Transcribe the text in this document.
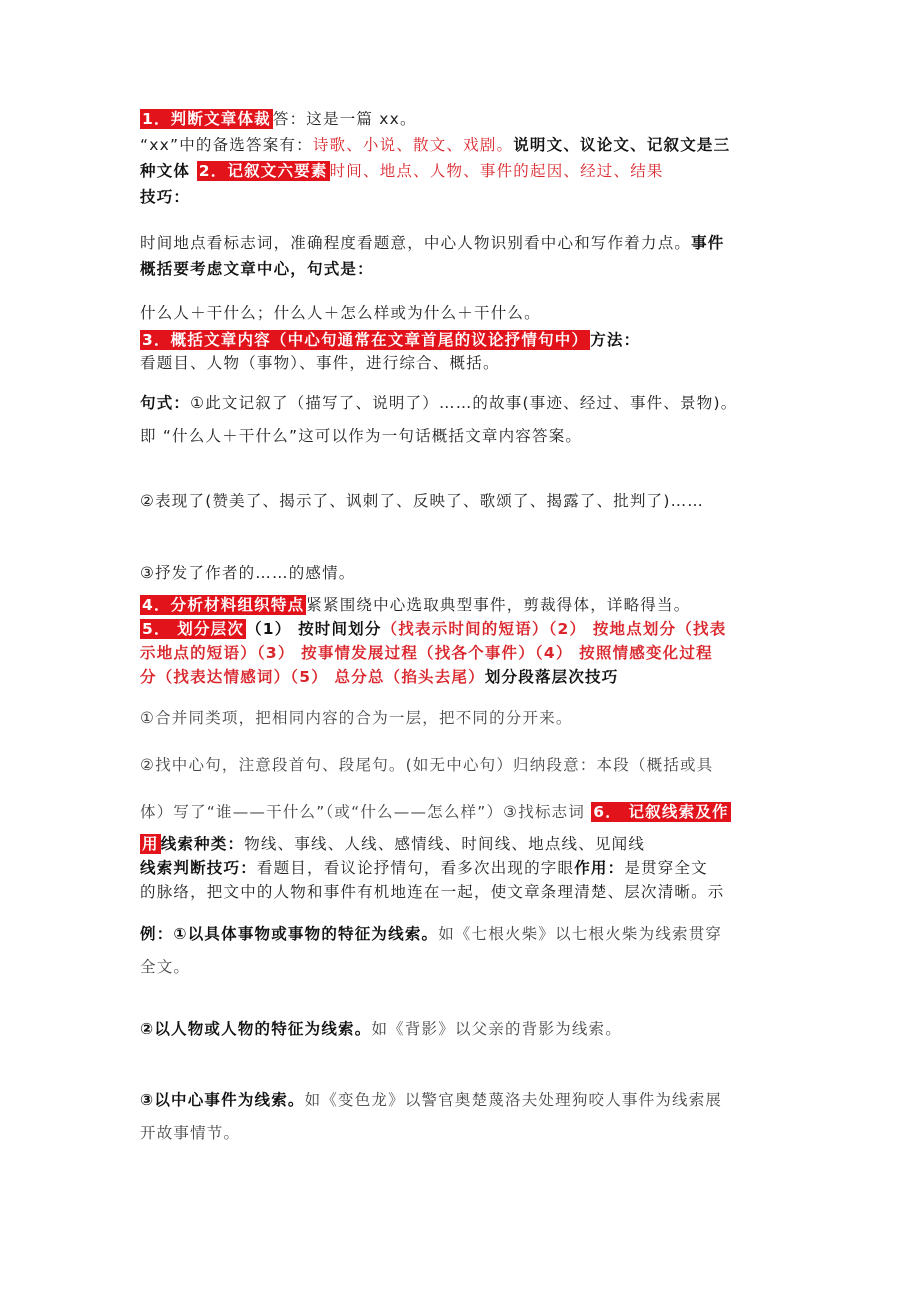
1．判断文章体裁 答：这是一篇 xx。
“xx”中的备选答案有：诗歌、小说、散文、戏剧。说明文、议论文、记叙文是三
种文体 2．记叙文六要素 时间、地点、人物、事件的起因、经过、结果
技巧：
时间地点看标志词，准确程度看题意，中心人物识别看中心和写作着力点。事件
概括要考虑文章中心，句式是：
什么人＋干什么；什么人＋怎么样或为什么＋干什么。
3．概括文章内容（中心句通常在文章首尾的议论抒情句中） 方法：
看题目、人物（事物）、事件，进行综合、概括。
句式：①此文记叙了（描写了、说明了）……的故事(事迹、经过、事件、景物)。
即 “什么人＋干什么”这可以作为一句话概括文章内容答案。
②表现了(赞美了、揭示了、讽刺了、反映了、歌颂了、揭露了、批判了)……
③抒发了作者的……的感情。
4．分析材料组织特点 紧紧围绕中心选取典型事件，剪裁得体，详略得当。
5． 划分层次 （1） 按时间划分（找表示时间的短语）（2） 按地点划分（找表
示地点的短语）（3） 按事情发展过程（找各个事件）（4） 按照情感变化过程
分（找表达情感词）（5） 总分总（掐头去尾）划分段落层次技巧
①合并同类项，把相同内容的合为一层，把不同的分开来。
②找中心句，注意段首句、段尾句。(如无中心句）归纳段意：本段（概括或具
体）写了“谁——干什么”（或“什么——怎么样”）③找标志词 6． 记叙线索及作
用 线索种类：物线、事线、人线、感情线、时间线、地点线、见闻线
线索判断技巧：看题目，看议论抒情句，看多次出现的字眼作用：是贯穿全文
的脉络，把文中的人物和事件有机地连在一起，使文章条理清楚、层次清晰。示
例：①以具体事物或事物的特征为线索。如《七根火柴》以七根火柴为线索贯穿
全文。
②以人物或人物的特征为线索。如《背影》以父亲的背影为线索。
③以中心事件为线索。如《变色龙》以警官奥楚蔑洛夫处理狗咬人事件为线索展
开故事情节。
